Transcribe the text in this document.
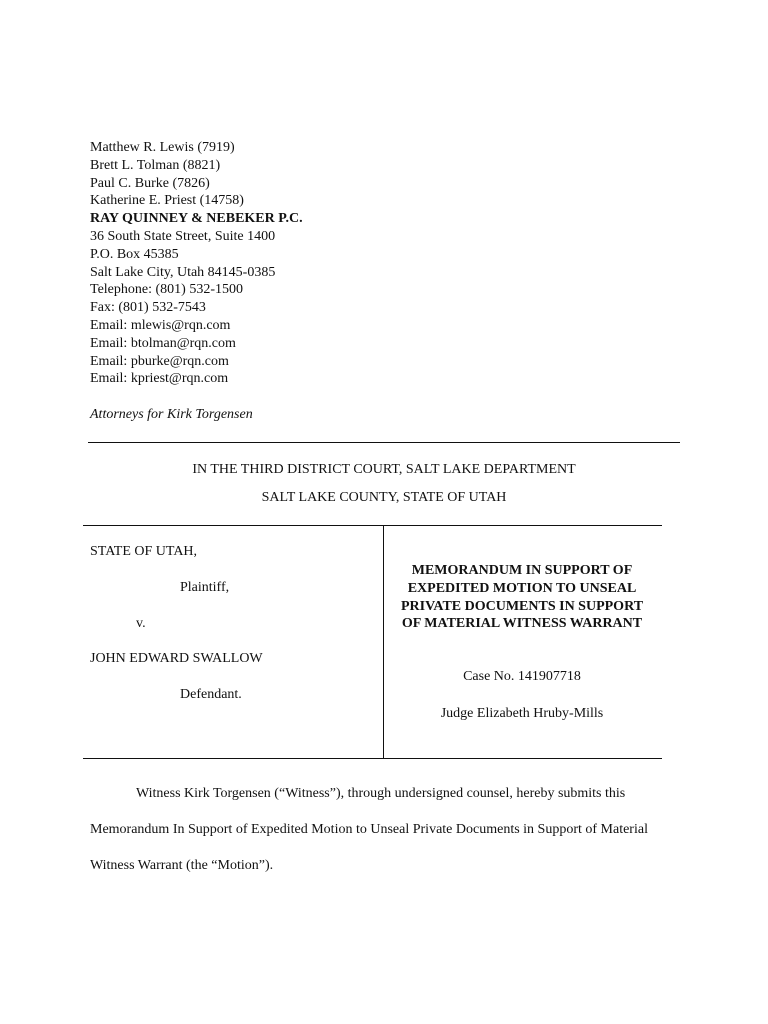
Matthew R. Lewis (7919)
Brett L. Tolman (8821)
Paul C. Burke (7826)
Katherine E. Priest (14758)
RAY QUINNEY & NEBEKER P.C.
36 South State Street, Suite 1400
P.O. Box 45385
Salt Lake City, Utah 84145-0385
Telephone: (801) 532-1500
Fax: (801) 532-7543
Email: mlewis@rqn.com
Email: btolman@rqn.com
Email: pburke@rqn.com
Email: kpriest@rqn.com
Attorneys for Kirk Torgensen
IN THE THIRD DISTRICT COURT, SALT LAKE DEPARTMENT
SALT LAKE COUNTY, STATE OF UTAH
STATE OF UTAH,
Plaintiff,
v.
JOHN EDWARD SWALLOW
Defendant.
MEMORANDUM IN SUPPORT OF
EXPEDITED MOTION TO UNSEAL
PRIVATE DOCUMENTS IN SUPPORT
OF MATERIAL WITNESS WARRANT
Case No. 141907718
Judge Elizabeth Hruby-Mills
Witness Kirk Torgensen (“Witness”), through undersigned counsel, hereby submits this
Memorandum In Support of Expedited Motion to Unseal Private Documents in Support of Material
Witness Warrant (the “Motion”).
